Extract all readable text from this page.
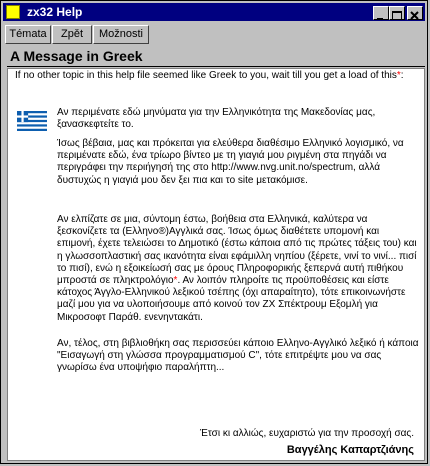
zx32 Help
Témata	Zpět	Možnosti
A Message in Greek
If no other topic in this help file seemed like Greek to you, wait till you get a load of this*:
Αν περιμένατε εδώ μηνύματα για την Ελληνικότητα της Μακεδονίας μας, ξανασκεφτείτε το.
Ίσως βέβαια, μας και πρόκειται για ελεύθερα διαθέσιμο Ελληνικό λογισμικό, να περιμένατε εδώ, ένα τρίωρο βίντεο με τη γιαγιά μου ριγμένη στα πηγάδι να περιγράφει την περιήγησή της στο http://www.nvg.unit.no/spectrum, αλλά δυστυχώς η γιαγιά μου δεν ξει πια και το site μετακόμισε.
Αν ελπίζατε σε μια, σύντομη έστω, βοήθεια στα Ελληνικά, καλύτερα να ξεσκονίζετε τα (Ελληνο®)Αγγλικά σας. Ίσως όμως διαθέτετε υπομονή και επιμονή, έχετε τελειώσει το Δημοτικό (έστω κάποια από τις πρώτες τάξεις του) και η γλωσσοπλαστική σας ικανότητα είναι εφάμιλλη νηπίου (ξέρετε, νινί το νινί... πισί το πισί), ενώ η εξοικείωσή σας με όρους Πληροφορικής ξεπερνά αυτή πιθήκου μπροστά σε πληκτρολόγιο*. Αν λοιπόν πληροίτε τις προϋποθέσεις και είστε κάτοχος Άγγλο-Ελληνικού λεξικού τσέπης (όχι απαραίτητο), τότε επικοινωνήστε μαζί μου για να υλοποιήσουμε από κοινού τον ΖΧ Σπέκτρουμ Εξομλή για Μικροσοφτ Παράθ. ενενηντακάτι.
Αν, τέλος, στη βιβλιοθήκη σας περισσεύει κάποιο Ελληνο-Αγγλικό λεξικό ή κάποια "Εισαγωγή στη γλώσσα προγραμματισμού C", τότε επιτρέψτε μου να σας γνωρίσω ένα υποψήφιο παραλήπτη...
Έτσι κι αλλιώς, ευχαριστώ για την προσοχή σας.
Βαγγέλης Καπαρτζιάνης
